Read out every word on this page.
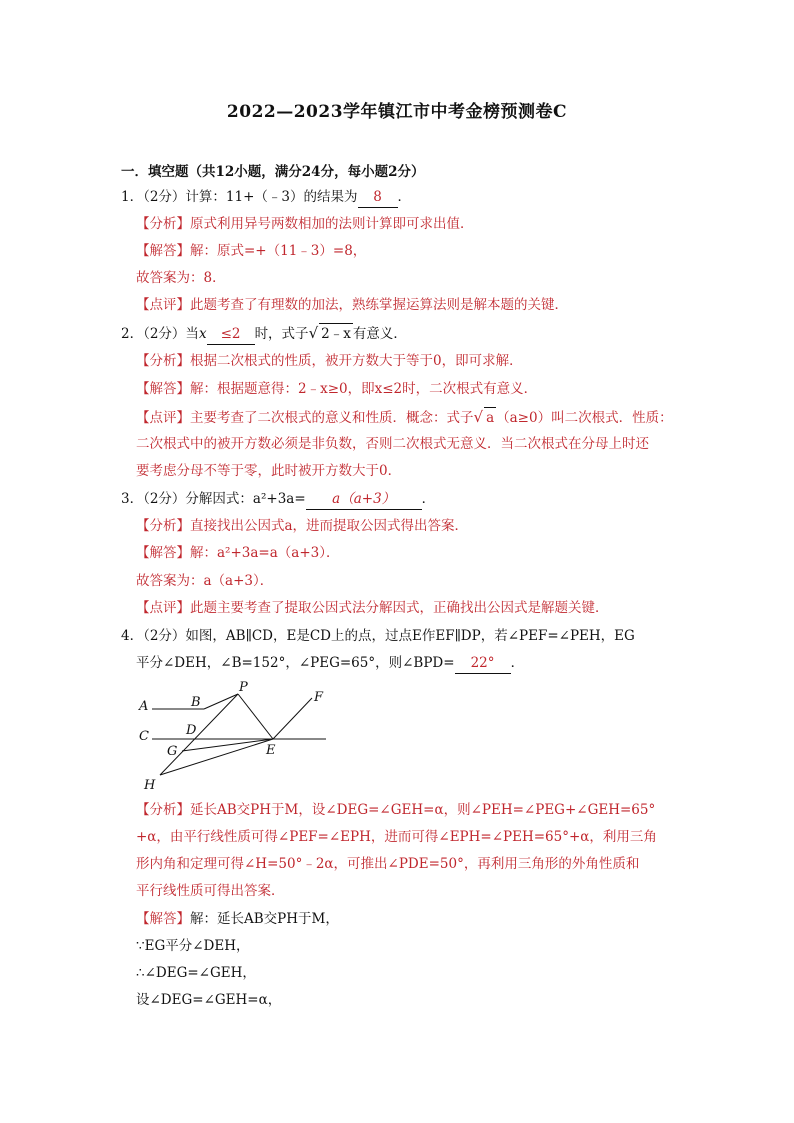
2022—2023学年镇江市中考金榜预测卷C
一．填空题（共12小题，满分24分，每小题2分）
1．（2分）计算：11+（﹣3）的结果为 8 ．
【分析】原式利用异号两数相加的法则计算即可求出值．
【解答】解：原式=+（11﹣3）=8，
故答案为：8．
【点评】此题考查了有理数的加法，熟练掌握运算法则是解本题的关键．
2．（2分）当x ≤2 时，式子√ 2﹣x 有意义．
【分析】根据二次根式的性质，被开方数大于等于0，即可求解．
【解答】解：根据题意得：2﹣x≥0，即x≤2时，二次根式有意义．
【点评】主要考查了二次根式的意义和性质．概念：式子√ a （a≥0）叫二次根式．性质：
二次根式中的被开方数必须是非负数，否则二次根式无意义．当二次根式在分母上时还
要考虑分母不等于零，此时被开方数大于0．
3．（2分）分解因式：a²+3a= a（a+3） ．
【分析】直接找出公因式a，进而提取公因式得出答案．
【解答】解：a²+3a=a（a+3）．
故答案为：a（a+3）．
【点评】此题主要考查了提取公因式法分解因式，正确找出公因式是解题关键．
4．（2分）如图，AB∥CD，E是CD上的点，过点E作EF∥DP，若∠PEF=∠PEH，EG
平分∠DEH，∠B=152°，∠PEG=65°，则∠BPD= 22° ．
A	B
P
F
C	D
G	E
H
【分析】延长AB交PH于M，设∠DEG=∠GEH=α，则∠PEH=∠PEG+∠GEH=65°
+α，由平行线性质可得∠PEF=∠EPH，进而可得∠EPH=∠PEH=65°+α，利用三角
形内角和定理可得∠H=50°﹣2α，可推出∠PDE=50°，再利用三角形的外角性质和
平行线性质可得出答案．
【解答】解：延长AB交PH于M，
∵EG平分∠DEH，
∴∠DEG=∠GEH，
设∠DEG=∠GEH=α，
